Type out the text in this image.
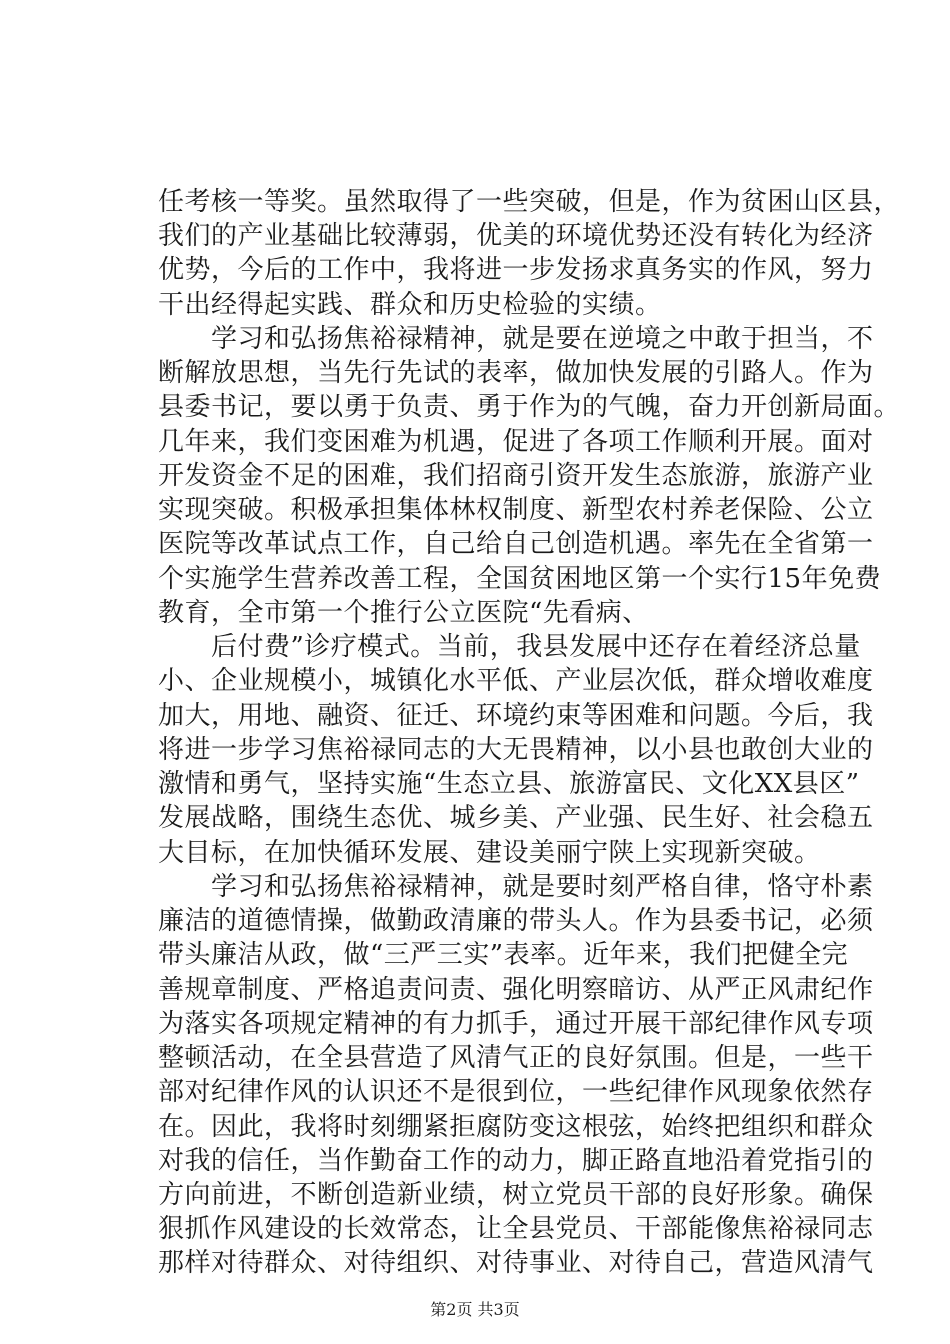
任考核一等奖。虽然取得了一些突破，但是，作为贫困山区县，
我们的产业基础比较薄弱，优美的环境优势还没有转化为经济
优势，今后的工作中，我将进一步发扬求真务实的作风，努力
干出经得起实践、群众和历史检验的实绩。
　　学习和弘扬焦裕禄精神，就是要在逆境之中敢于担当，不
断解放思想，当先行先试的表率，做加快发展的引路人。作为
县委书记，要以勇于负责、勇于作为的气魄，奋力开创新局面。
几年来，我们变困难为机遇，促进了各项工作顺利开展。面对
开发资金不足的困难，我们招商引资开发生态旅游，旅游产业
实现突破。积极承担集体林权制度、新型农村养老保险、公立
医院等改革试点工作，自己给自己创造机遇。率先在全省第一
个实施学生营养改善工程，全国贫困地区第一个实行15年免费
教育，全市第一个推行公立医院“先看病、
　　后付费”诊疗模式。当前，我县发展中还存在着经济总量
小、企业规模小，城镇化水平低、产业层次低，群众增收难度
加大，用地、融资、征迁、环境约束等困难和问题。今后，我
将进一步学习焦裕禄同志的大无畏精神，以小县也敢创大业的
激情和勇气，坚持实施“生态立县、旅游富民、文化XX县区”
发展战略，围绕生态优、城乡美、产业强、民生好、社会稳五
大目标，在加快循环发展、建设美丽宁陕上实现新突破。
　　学习和弘扬焦裕禄精神，就是要时刻严格自律，恪守朴素
廉洁的道德情操，做勤政清廉的带头人。作为县委书记，必须
带头廉洁从政，做“三严三实”表率。近年来，我们把健全完
善规章制度、严格追责问责、强化明察暗访、从严正风肃纪作
为落实各项规定精神的有力抓手，通过开展干部纪律作风专项
整顿活动，在全县营造了风清气正的良好氛围。但是，一些干
部对纪律作风的认识还不是很到位，一些纪律作风现象依然存
在。因此，我将时刻绷紧拒腐防变这根弦，始终把组织和群众
对我的信任，当作勤奋工作的动力，脚正路直地沿着党指引的
方向前进，不断创造新业绩，树立党员干部的良好形象。确保
狠抓作风建设的长效常态，让全县党员、干部能像焦裕禄同志
那样对待群众、对待组织、对待事业、对待自己，营造风清气
第2页 共3页
